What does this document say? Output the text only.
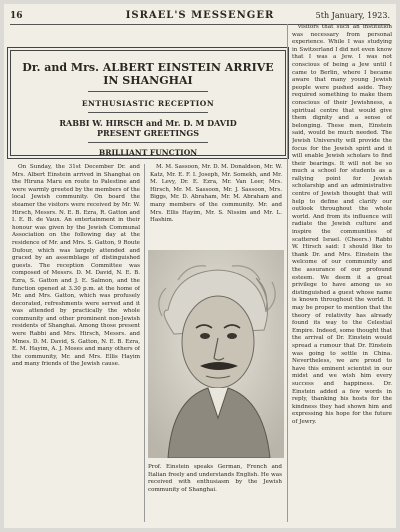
16	ISRAEL'S MESSENGER	5th January, 1923.
Dr. and Mrs. ALBERT EINSTEIN ARRIVE
IN SHANGHAI
ENTHUSIASTIC RECEPTION
RABBI W. HIRSCH and Mr. D. M DAVID
PRESENT GREETINGS
BRILLIANT FUNCTION

On Sunday, the 31st December Dr. and Mrs. Albert Einstein arrived in Shanghai on the Hiruna Maru en route to Palestine and were warmly greeted by the members of the local Jewish community. On board the steamer the visitors were received by Mr. W. Hirsch, Messrs. N. E. B. Ezra, R. Gatton and I. E. B. de Vaux. An entertainment in their honour was given by the Jewish Communal Association on the following day at the residence of Mr. and Mrs. S. Gatton, 9 Route Dufour, which was largely attended and graced by an assemblage of distinguished guests. The reception Committee was composed of Messrs. D. M. David, N. E. B. Ezra, S. Gatton and J. E. Salmon, and the function opened at 3.30 p.m. at the home of Mr. and Mrs. Gatton, which was profusely decorated, refreshments were served and it was attended by practically the whole community and other prominent non-Jewish residents of Shanghai. Among those present were Rabbi and Mrs. Hirsch, Messrs. and Mmes. D. M. David, S. Gatton, N. E. B. Ezra, E. M. Hayim, A. J. Moses and many others of the community, Mr. and Mrs. Ellis Hayim and many friends of the Jewish cause.

M. M. Sassoon, Mr. D. M. Donaldson, Mr. W. Katz, Mr. E. F. I. Joseph, Mr. Somekh, and Mr. M. Levy, Dr. E. Ezra, Mr. Van Leer, Mrs. Hirsch, Mr. M. Sassoon, Mr. J. Sassoon, Mrs. Biggs, Mr. D. Abraham, Mr. M. Abraham and many members of the community. Mr. and Mrs. Ellis Hayim, Mr. S. Nissim and Mr. L. Hashim.

visitors that such an institution was necessary from personal experience. While I was studying in Switzerland I did not even know that I was a Jew. I was not conscious of being a Jew until I came to Berlin, where I became aware that many young Jewish people were pushed aside. They required something to make them conscious of their Jewishness, a spiritual centre that would give them dignity and a sense of belonging. These men, Einstein said, would be much needed. The Jewish University will provide the focus for the Jewish spirit and it will enable Jewish scholars to find their bearings. It will not be so much a school for students as a rallying point for Jewish scholarship and an administrative centre of Jewish thought that will help to define and clarify our outlook throughout the whole world. And from its influence will radiate the Jewish culture and inspire the communities of scattered Israel. (Cheers.) Rabbi W. Hirsch said: I should like to thank Dr. and Mrs. Einstein the welcome of our community and the assurance of our profound esteem. We deem it a great privilege to have among us so distinguished a guest whose name is known throughout the world. It may be proper to mention that the theory of relativity has already found its way to the Celestial Empire. Indeed, some thought that the arrival of Dr. Einstein would spread a rumour that Dr. Einstein was going to settle in China. Nevertheless, we are proud to have this eminent scientist in our midst and we wish him every success and happiness. Dr. Einstein added a few words in reply, thanking his hosts for the kindness they had shown him and expressing his hope for the future of Jewry.

Prof. Einstein speaks German, French and Italian freely and understands English. He was received with enthusiasm by the Jewish community of Shanghai.
